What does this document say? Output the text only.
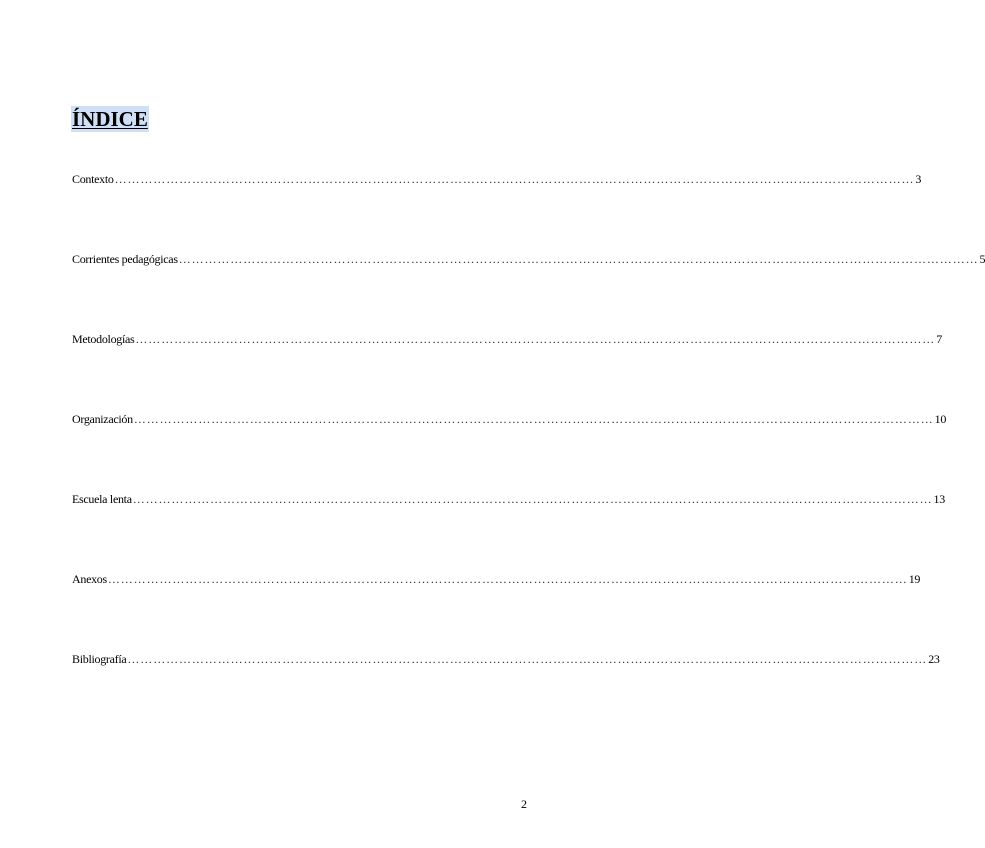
ÍNDICE
Contexto …………………………………………………………………………………………………………………………………………………………………… 3
Corrientes pedagógicas …………………………………………………………………………………………………………………………………………………………………… 5
Metodologías …………………………………………………………………………………………………………………………………………………………………… 7
Organización …………………………………………………………………………………………………………………………………………………………………… 10
Escuela lenta …………………………………………………………………………………………………………………………………………………………………… 13
Anexos …………………………………………………………………………………………………………………………………………………………………… 19
Bibliografía …………………………………………………………………………………………………………………………………………………………………… 23
2
